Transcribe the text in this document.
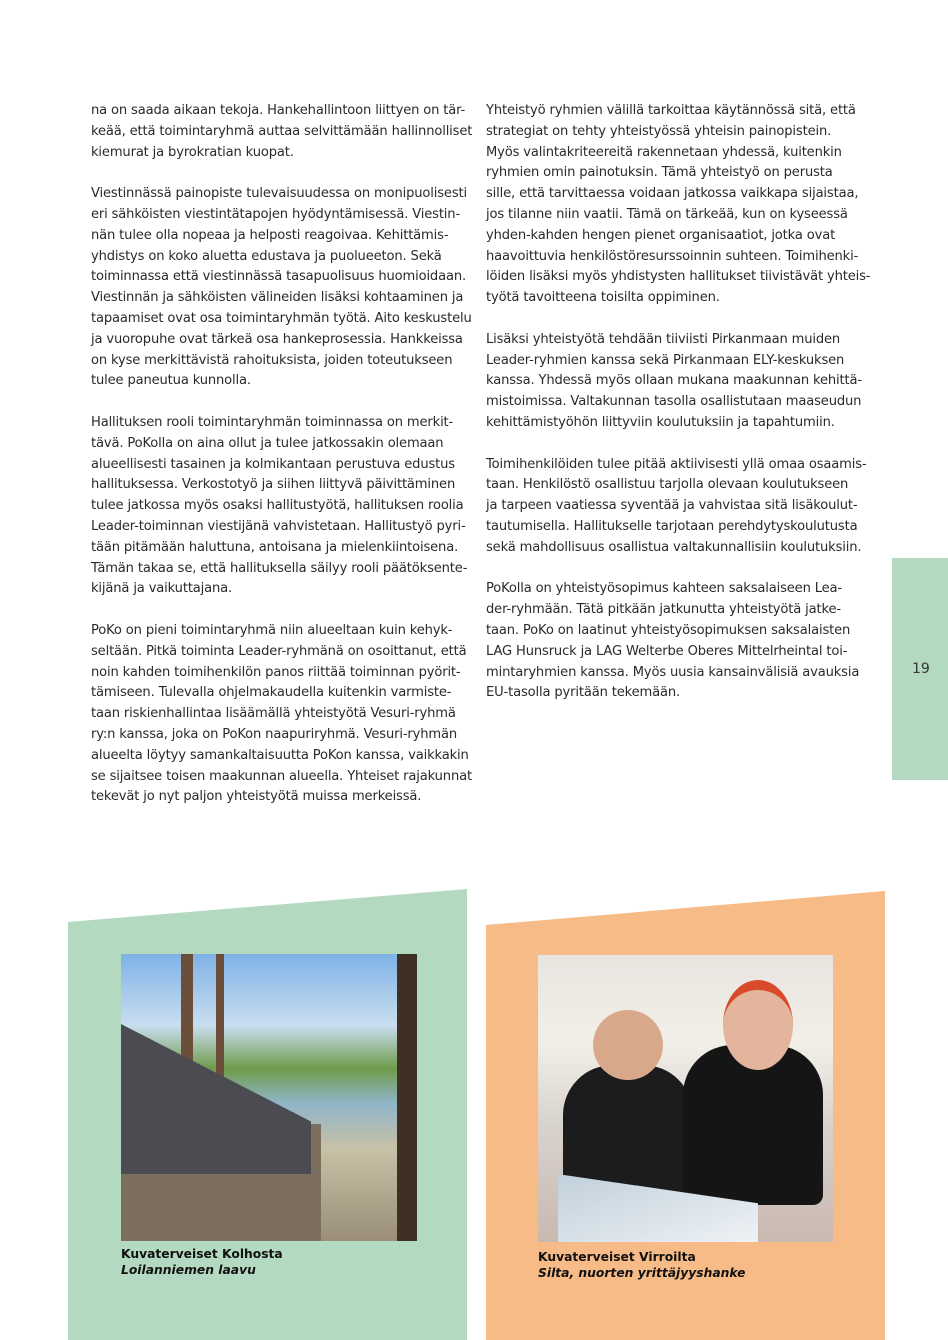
na on saada aikaan tekoja. Hankehallintoon liittyen on tär-
keää, että toimintaryhmä auttaa selvittämään hallinnolliset
kiemurat ja byrokratian kuopat.
Viestinnässä painopiste tulevaisuudessa on monipuolisesti
eri sähköisten viestintätapojen hyödyntämisessä. Viestin-
nän tulee olla nopeaa ja helposti reagoivaa. Kehittämis-
yhdistys on koko aluetta edustava ja puolueeton. Sekä
toiminnassa että viestinnässä tasapuolisuus huomioidaan.
Viestinnän ja sähköisten välineiden lisäksi kohtaaminen ja
tapaamiset ovat osa toimintaryhmän työtä. Aito keskustelu
ja vuoropuhe ovat tärkeä osa hankeprosessia. Hankkeissa
on kyse merkittävistä rahoituksista, joiden toteutukseen
tulee paneutua kunnolla.
Hallituksen rooli toimintaryhmän toiminnassa on merkit-
tävä. PoKolla on aina ollut ja tulee jatkossakin olemaan
alueellisesti tasainen ja kolmikantaan perustuva edustus
hallituksessa. Verkostotyö ja siihen liittyvä päivittäminen
tulee jatkossa myös osaksi hallitustyötä, hallituksen roolia
Leader-toiminnan viestijänä vahvistetaan. Hallitustyö pyri-
tään pitämään haluttuna, antoisana ja mielenkiintoisena.
Tämän takaa se, että hallituksella säilyy rooli päätöksente-
kijänä ja vaikuttajana.
PoKo on pieni toimintaryhmä niin alueeltaan kuin kehyk-
seltään. Pitkä toiminta Leader-ryhmänä on osoittanut, että
noin kahden toimihenkilön panos riittää toiminnan pyörit-
tämiseen. Tulevalla ohjelmakaudella kuitenkin varmiste-
taan riskienhallintaa lisäämällä yhteistyötä Vesuri-ryhmä
ry:n kanssa, joka on PoKon naapuriryhmä. Vesuri-ryhmän
alueelta löytyy samankaltaisuutta PoKon kanssa, vaikkakin
se sijaitsee toisen maakunnan alueella. Yhteiset rajakunnat
tekevät jo nyt paljon yhteistyötä muissa merkeissä.
Yhteistyö ryhmien välillä tarkoittaa käytännössä sitä, että
strategiat on tehty yhteistyössä yhteisin painopistein.
Myös valintakriteereitä rakennetaan yhdessä, kuitenkin
ryhmien omin painotuksin. Tämä yhteistyö on perusta
sille, että tarvittaessa voidaan jatkossa vaikkapa sijaistaa,
jos tilanne niin vaatii. Tämä on tärkeää, kun on kyseessä
yhden-kahden hengen pienet organisaatiot, jotka ovat
haavoittuvia henkilöstöresurssoinnin suhteen. Toimihenki-
löiden lisäksi myös yhdistysten hallitukset tiivistävät yhteis-
työtä tavoitteena toisilta oppiminen.
Lisäksi yhteistyötä tehdään tiiviisti Pirkanmaan muiden
Leader-ryhmien kanssa sekä Pirkanmaan ELY-keskuksen
kanssa. Yhdessä myös ollaan mukana maakunnan kehittä-
mistoimissa. Valtakunnan tasolla osallistutaan maaseudun
kehittämistyöhön liittyviin koulutuksiin ja tapahtumiin.
Toimihenkilöiden tulee pitää aktiivisesti yllä omaa osaamis-
taan. Henkilöstö osallistuu tarjolla olevaan koulutukseen
ja tarpeen vaatiessa syventää ja vahvistaa sitä lisäkoulut-
tautumisella. Hallitukselle tarjotaan perehdytyskoulutusta
sekä mahdollisuus osallistua valtakunnallisiin koulutuksiin.
PoKolla on yhteistyösopimus kahteen saksalaiseen Lea-
der-ryhmään. Tätä pitkään jatkunutta yhteistyötä jatke-
taan. PoKo on laatinut yhteistyösopimuksen saksalaisten
LAG Hunsruck ja LAG Welterbe Oberes Mittelrheintal toi-
mintaryhmien kanssa. Myös uusia kansainvälisiä avauksia
EU-tasolla pyritään tekemään.
19
Kuvaterveiset Kolhosta
Loilanniemen laavu
Kuvaterveiset Virroilta
Silta, nuorten yrittäjyyshanke
